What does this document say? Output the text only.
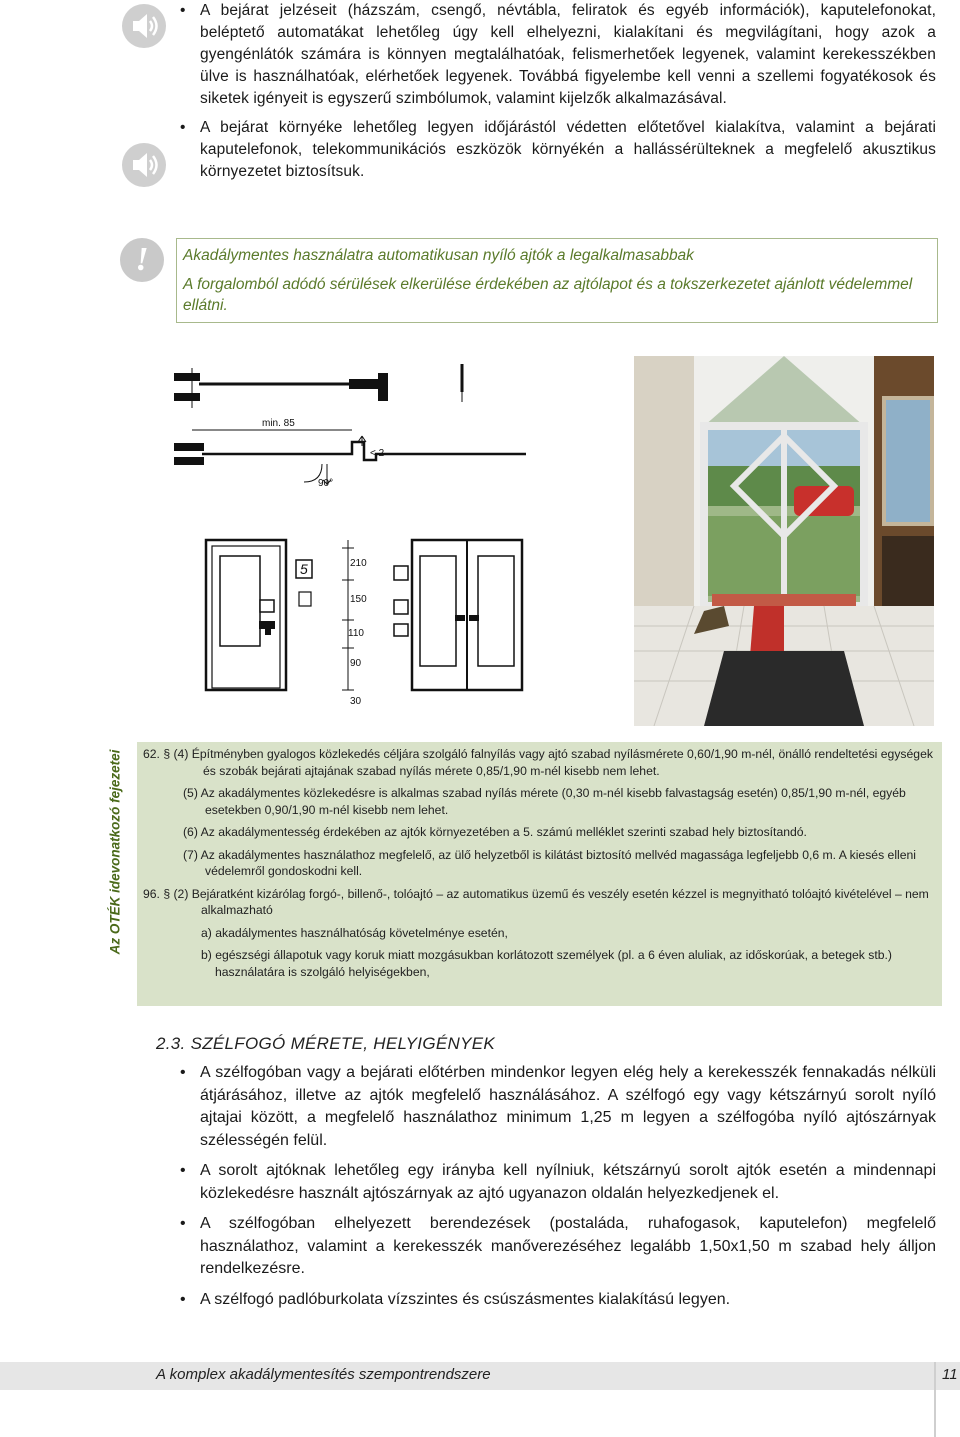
• A bejárat jelzéseit (házszám, csengő, névtábla, feliratok és egyéb információk), kaputelefonokat, beléptető automatákat lehetőleg úgy kell elhelyezni, kialakítani és megvilágítani, hogy azok a gyengénlátók számára is könnyen megtalálhatóak, felismerhetőek legyenek, valamint kerekesszékben ülve is használhatóak, elérhetőek legyenek. Továbbá figyelembe kell venni a szellemi fogyatékosok és siketek igényeit is egyszerű szimbólumok, valamint kijelzők alkalmazásával.
• A bejárat környéke lehetőleg legyen időjárástól védetten előtetővel kialakítva, valamint a bejárati kaputelefonok, telekommunikációs eszközök környékén a hallássérülteknek a megfelelő akusztikus környezetet biztosítsuk.
!	Akadálymentes használatra automatikusan nyíló ajtók a legalkalmasabbak
A forgalomból adódó sérülések elkerülése érdekében az ajtólapot és a tokszerkezetet ajánlott védelemmel ellátni.
min. 85
< 2
90°
210
150
110
90
30
5
Az OTÉK idevonatkozó fejezetei 62. § (4) Építményben gyalogos közlekedés céljára szolgáló falnyílás vagy ajtó szabad nyílásmérete 0,60/1,90 m-nél, önálló rendeltetési egységek és szobák bejárati ajtajának szabad nyílás mérete 0,85/1,90 m-nél kisebb nem lehet.

(5) Az akadálymentes közlekedésre is alkalmas szabad nyílás mérete (0,30 m-nél kisebb falvastagság esetén) 0,85/1,90 m-nél, egyéb esetekben 0,90/1,90 m-nél kisebb nem lehet.

(6) Az akadálymentesség érdekében az ajtók környezetében a 5. számú melléklet szerinti szabad hely biztosítandó.

(7) Az akadálymentes használathoz megfelelő, az ülő helyzetből is kilátást biztosító mellvéd magassága legfeljebb 0,6 m. A kiesés elleni védelemről gondoskodni kell.

96. § (2) Bejáratként kizárólag forgó-, billenő-, tolóajtó – az automatikus üzemű és veszély esetén kézzel is megnyitható tolóajtó kivételével – nem alkalmazható

a) akadálymentes használhatóság követelménye esetén,

b) egészségi állapotuk vagy koruk miatt mozgásukban korlátozott személyek (pl. a 6 éven aluliak, az időskorúak, a betegek stb.) használatára is szolgáló helyiségekben,

2.3. SZÉLFOGÓ MÉRETE, HELYIGÉNYEK
• A szélfogóban vagy a bejárati előtérben mindenkor legyen elég hely a kerekesszék fennakadás nélküli átjárásához, illetve az ajtók megfelelő használásához. A szélfogó egy vagy kétszárnyú sorolt nyíló ajtajai között, a megfelelő használathoz minimum 1,25 m legyen a szélfogóba nyíló ajtószárnyak szélességén felül.
• A sorolt ajtóknak lehetőleg egy irányba kell nyílniuk, kétszárnyú sorolt ajtók esetén a mindennapi közlekedésre használt ajtószárnyak az ajtó ugyanazon oldalán helyezkedjenek el.
• A szélfogóban elhelyezett berendezések (postaláda, ruhafogasok, kaputelefon) megfelelő használathoz, valamint a kerekesszék manőverezéséhez legalább 1,50x1,50 m szabad hely álljon rendelkezésre.
• A szélfogó padlóburkolata vízszintes és csúszásmentes kialakítású legyen.
A komplex akadálymentesítés szempontrendszere	11
